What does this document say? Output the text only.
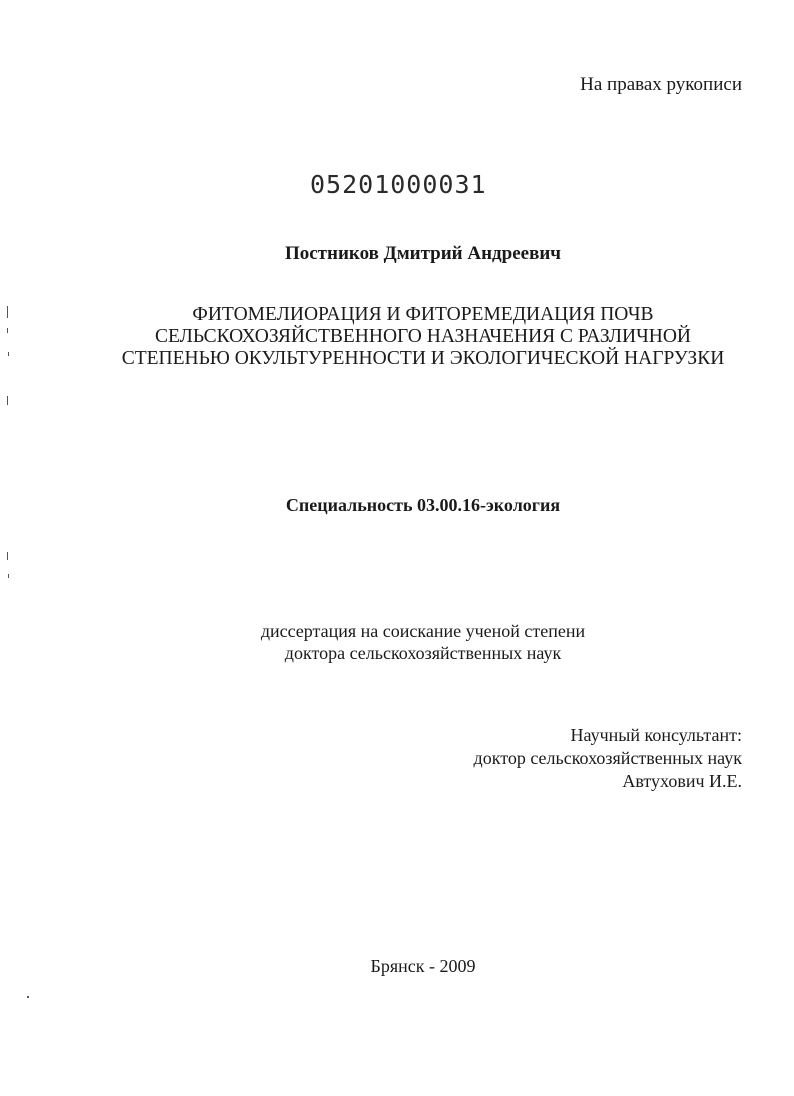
На правах рукописи
05201000031
Постников Дмитрий Андреевич
ФИТОМЕЛИОРАЦИЯ И ФИТОРЕМЕДИАЦИЯ ПОЧВ
СЕЛЬСКОХОЗЯЙСТВЕННОГО НАЗНАЧЕНИЯ С РАЗЛИЧНОЙ
СТЕПЕНЬЮ ОКУЛЬТУРЕННОСТИ И ЭКОЛОГИЧЕСКОЙ НАГРУЗКИ
Специальность 03.00.16-экология
диссертация на соискание ученой степени
доктора сельскохозяйственных наук
Научный консультант:
доктор сельскохозяйственных наук
Автухович И.Е.
Брянск - 2009
